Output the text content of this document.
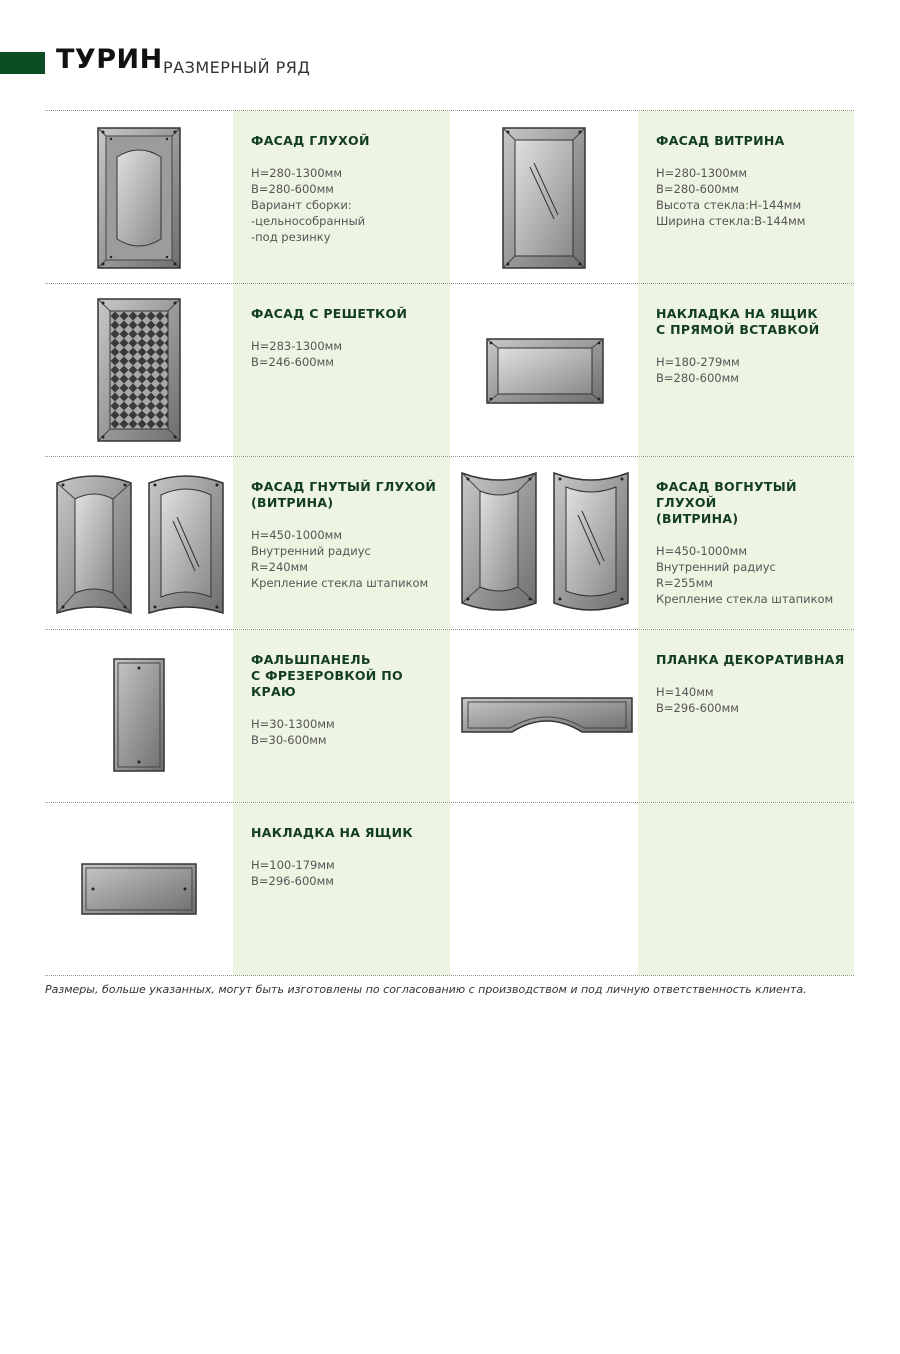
ТУРИН РАЗМЕРНЫЙ РЯД
ФАСАД ГЛУХОЙ
H=280-1300мм
B=280-600мм
Вариант сборки:
-цельнособранный
-под резинку
ФАСАД ВИТРИНА
H=280-1300мм
B=280-600мм
Высота стекла:H-144мм
Ширина стекла:B-144мм
ФАСАД С РЕШЕТКОЙ
H=283-1300мм
B=246-600мм
НАКЛАДКА НА ЯЩИК
С ПРЯМОЙ ВСТАВКОЙ
H=180-279мм
B=280-600мм
ФАСАД ГНУТЫЙ ГЛУХОЙ
(ВИТРИНА)
H=450-1000мм
Внутренний радиус
R=240мм
Крепление стекла штапиком
ФАСАД ВОГНУТЫЙ ГЛУХОЙ
(ВИТРИНА)
H=450-1000мм
Внутренний радиус
R=255мм
Крепление стекла штапиком
ФАЛЬШПАНЕЛЬ
С ФРЕЗЕРОВКОЙ ПО КРАЮ
H=30-1300мм
B=30-600мм
ПЛАНКА ДЕКОРАТИВНАЯ
H=140мм
B=296-600мм
НАКЛАДКА НА ЯЩИК
H=100-179мм
B=296-600мм
Размеры, больше указанных, могут быть изготовлены по согласованию с производством и под личную ответственность клиента.
